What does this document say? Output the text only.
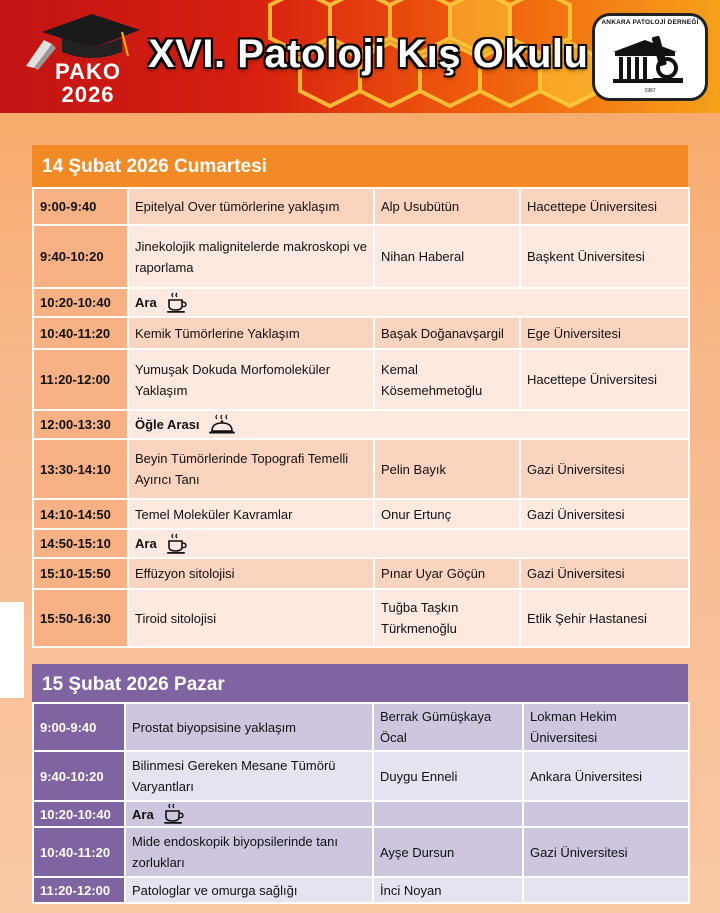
PAKO
2026
XVI. Patoloji Kış Okulu
ANKARA PATOLOJİ DERNEĞİ
1967
14 Şubat 2026 Cumartesi
9:00-9:40	Epitelyal Over tümörlerine yaklaşım	Alp Usubütün	Hacettepe Üniversitesi
9:40-10:20	Jinekolojik malignitelerde makroskopi ve raporlama	Nihan Haberal	Başkent Üniversitesi
10:20-10:40	Ara		

10:40-11:20	Kemik Tümörlerine Yaklaşım	Başak Doğanavşargil	Ege Üniversitesi
11:20-12:00	Yumuşak Dokuda Morfomoleküler Yaklaşım	Kemal Kösemehmetoğlu	Hacettepe Üniversitesi
12:00-13:30	Öğle Arası		

13:30-14:10	Beyin Tümörlerinde Topografi Temelli Ayırıcı Tanı	Pelin Bayık	Gazi Üniversitesi
14:10-14:50	Temel Moleküler Kavramlar	Onur Ertunç	Gazi Üniversitesi
14:50-15:10	Ara		

15:10-15:50	Effüzyon sitolojisi	Pınar Uyar Göçün	Gazi Üniversitesi
15:50-16:30	Tiroid sitolojisi	Tuğba Taşkın Türkmenoğlu	Etlik Şehir Hastanesi
15 Şubat 2026 Pazar
9:00-9:40	Prostat biyopsisine yaklaşım	Berrak Gümüşkaya Öcal	Lokman Hekim Üniversitesi
9:40-10:20	Bilinmesi Gereken Mesane Tümörü Varyantları	Duygu Enneli	Ankara Üniversitesi
10:20-10:40	Ara		

10:40-11:20	Mide endoskopik biyopsilerinde tanı zorlukları	Ayşe Dursun	Gazi Üniversitesi
11:20-12:00	Patologlar ve omurga sağlığı	İnci Noyan	
